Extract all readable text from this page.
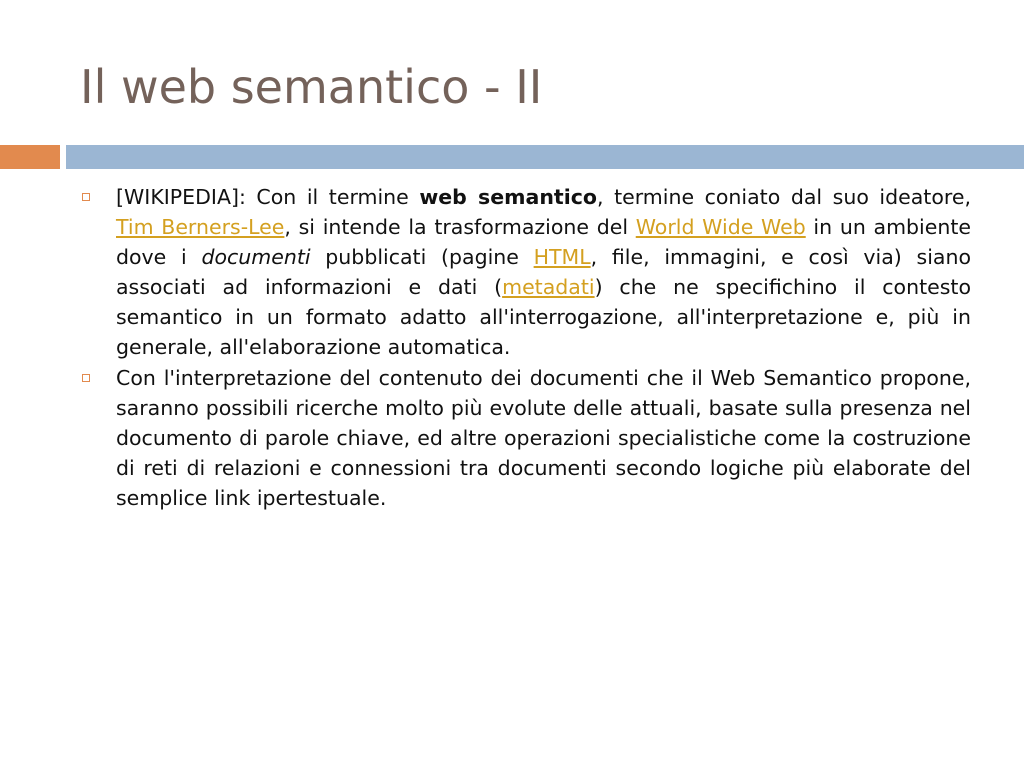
Il web semantico - II
[WIKIPEDIA]: Con il termine web semantico, termine coniato dal suo ideatore, Tim Berners-Lee, si intende la trasformazione del World Wide Web in un ambiente dove i documenti pubblicati (pagine HTML, file, immagini, e così via) siano associati ad informazioni e dati (metadati) che ne specifichino il contesto semantico in un formato adatto all'interrogazione, all'interpretazione e, più in generale, all'elaborazione automatica.
Con l'interpretazione del contenuto dei documenti che il Web Semantico propone, saranno possibili ricerche molto più evolute delle attuali, basate sulla presenza nel documento di parole chiave, ed altre operazioni specialistiche come la costruzione di reti di relazioni e connessioni tra documenti secondo logiche più elaborate del semplice link ipertestuale.
